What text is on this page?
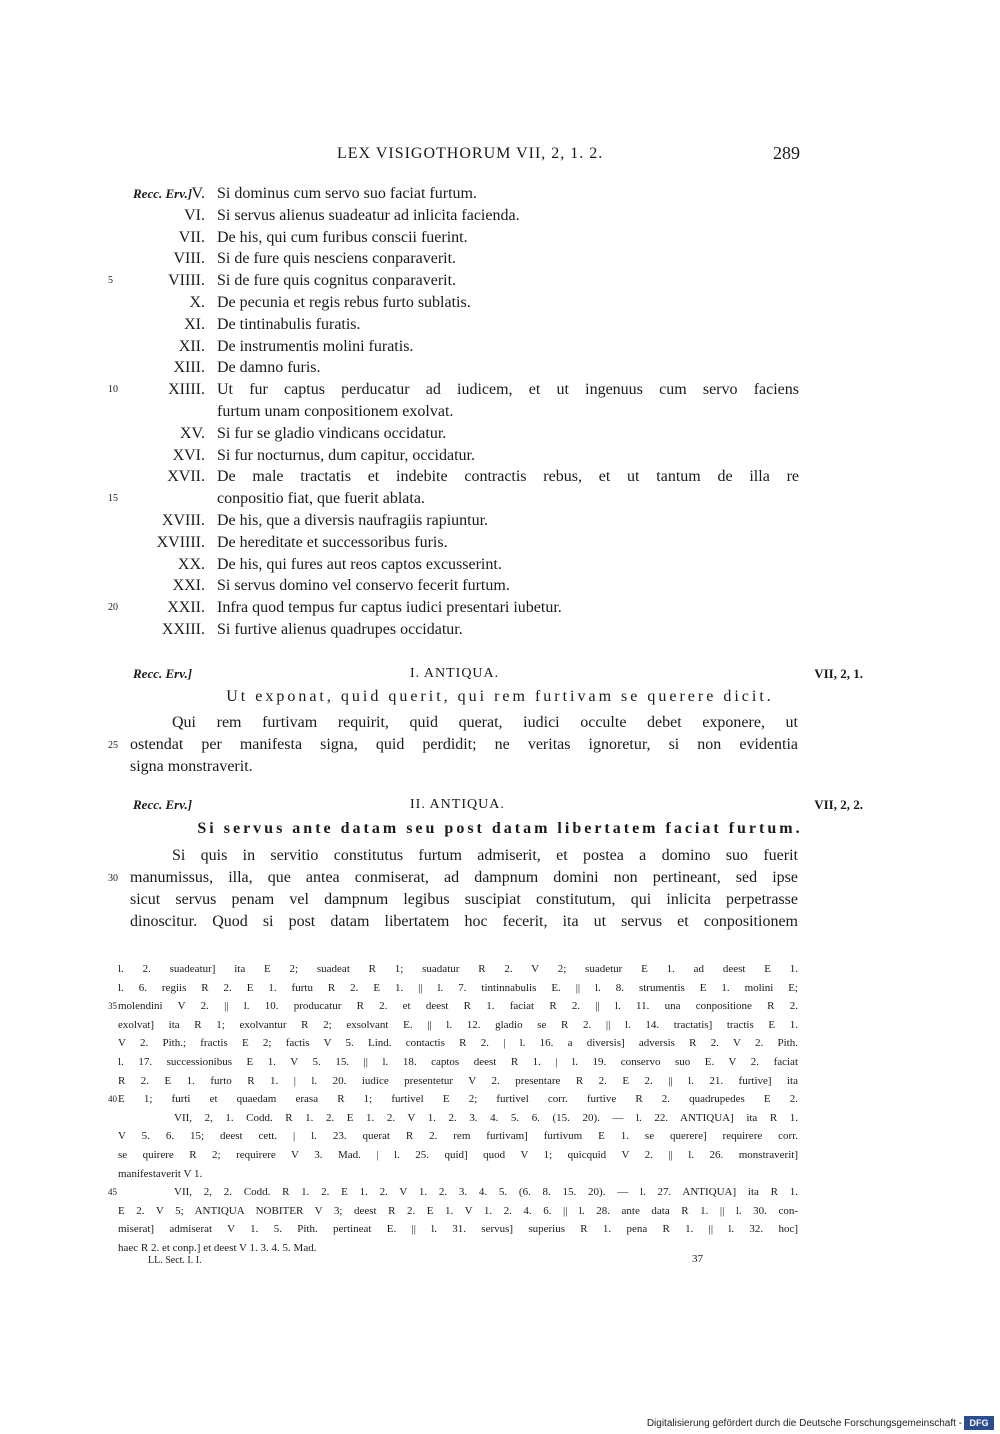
LEX VISIGOTHORUM VII, 2, 1. 2.	289
Recc. Erv.] V. Si dominus cum servo suo faciat furtum.
VI. Si servus alienus suadeatur ad inlicita facienda.
VII. De his, qui cum furibus conscii fuerint.
VIII. Si de fure quis nesciens conparaverit.
5	VIIII. Si de fure quis cognitus conparaverit.
X. De pecunia et regis rebus furto sublatis.
XI. De tintinabulis furatis.
XII. De instrumentis molini furatis.
XIII. De damno furis.
10	XIIII. Ut fur captus perducatur ad iudicem, et ut ingenuus cum servo faciens
furtum unam conpositionem exolvat.
XV. Si fur se gladio vindicans occidatur.
XVI. Si fur nocturnus, dum capitur, occidatur.
XVII. De male tractatis et indebite contractis rebus, et ut tantum de illa re
15	conpositio fiat, que fuerit ablata.
XVIII. De his, que a diversis naufragiis rapiuntur.
XVIIII. De hereditate et successoribus furis.
XX. De his, qui fures aut reos captos excusserint.
XXI. Si servus domino vel conservo fecerit furtum.
20	XXII. Infra quod tempus fur captus iudici presentari iubetur.
XXIII. Si furtive alienus quadrupes occidatur.
Recc. Erv.]	I. ANTIQUA.	VII, 2, 1.
Ut exponat, quid querit, qui rem furtivam se querere dicit.
Qui rem furtivam requirit, quid querat, iudici occulte debet exponere, ut
25 ostendat per manifesta signa, quid perdidit; ne veritas ignoretur, si non evidentia
signa monstraverit.
Recc. Erv.]	II. ANTIQUA.	VII, 2, 2.
Si servus ante datam seu post datam libertatem faciat furtum.
Si quis in servitio constitutus furtum admiserit, et postea a domino suo fuerit
30 manumissus, illa, que antea conmiserat, ad dampnum domini non pertineant, sed ipse
sicut servus penam vel dampnum legibus suscipiat constitutum, qui inlicita perpetrasse
dinoscitur. Quod si post datam libertatem hoc fecerit, ita ut servus et conpositionem
l. 2. suadeatur] ita E 2; suadeat R 1; suadatur R 2. V 2; suadetur E 1. ad deest E 1.
l. 6. regiis R 2. E 1. furtu R 2. E 1. || l. 7. tintinnabulis E. || l. 8. strumentis E 1. molini E;
35 molendini V 2. || l. 10. producatur R 2. et deest R 1. faciat R 2. || l. 11. una conpositione R 2.
exolvat] ita R 1; exolvantur R 2; exsolvant E. || l. 12. gladio se R 2. || l. 14. tractatis] tractis E 1.
V 2. Pith.; fractis E 2; factis V 5. Lind. contactis R 2. | l. 16. a diversis] adversis R 2. V 2. Pith.
l. 17. successionibus E 1. V 5. 15. || l. 18. captos deest R 1. | l. 19. conservo suo E. V 2. faciat
R 2. E 1. furto R 1. | l. 20. iudice presentetur V 2. presentare R 2. E 2. || l. 21. furtive] ita
40 E 1; furti et quaedam erasa R 1; furtivel E 2; furtivel corr. furtive R 2. quadrupedes E 2.
VII, 2, 1. Codd. R 1. 2. E 1. 2. V 1. 2. 3. 4. 5. 6. (15. 20). — l. 22. ANTIQUA] ita R 1.
V 5. 6. 15; deest cett. | l. 23. querat R 2. rem furtivam] furtivum E 1. se querere] requirere corr.
se quirere R 2; requirere V 3. Mad. | l. 25. quid] quod V 1; quicquid V 2. || l. 26. monstraverit]
manifestaverit V 1.
45	VII, 2, 2. Codd. R 1. 2. E 1. 2. V 1. 2. 3. 4. 5. (6. 8. 15. 20). — l. 27. ANTIQUA] ita R 1.
E 2. V 5; ANTIQUA NOBITER V 3; deest R 2. E 1. V 1. 2. 4. 6. || l. 28. ante data R 1. || l. 30. con-
miserat] admiserat V 1. 5. Pith. pertineat E. || l. 31. servus] superius R 1. pena R 1. || l. 32. hoc]
haec R 2. et conp.] et deest V 1. 3. 4. 5. Mad.
LL. Sect. I. I.	37
Digitalisierung gefördert durch die Deutsche Forschungsgemeinschaft - DFG
